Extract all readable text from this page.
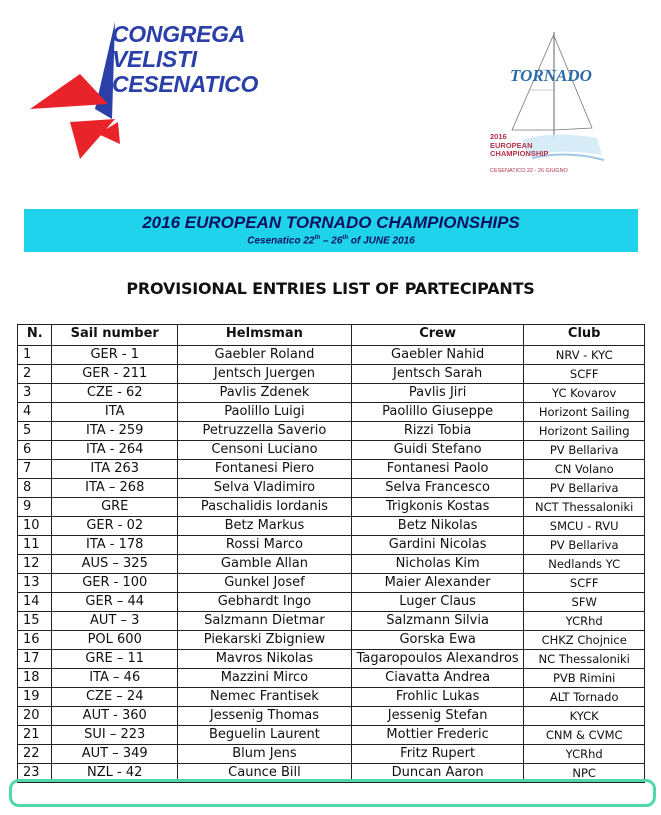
CONGREGA
VELISTI
CESENATICO	TORNADO
2016
EUROPEAN
CHAMPIONSHIP
CESENATICO 22 - 26 GIUGNO
2016 EUROPEAN TORNADO CHAMPIONSHIPS
Cesenatico 22th – 26th of JUNE 2016
PROVISIONAL ENTRIES LIST OF PARTECIPANTS
N.	Sail number	Helmsman	Crew	Club
1	GER - 1	Gaebler Roland	Gaebler Nahid	NRV - KYC
2	GER - 211	Jentsch Juergen	Jentsch Sarah	SCFF
3	CZE - 62	Pavlis Zdenek	Pavlis Jiri	YC Kovarov
4	ITA	Paolillo Luigi	Paolillo Giuseppe	Horizont Sailing
5	ITA - 259	Petruzzella Saverio	Rizzi Tobia	Horizont Sailing
6	ITA - 264	Censoni Luciano	Guidi Stefano	PV Bellariva
7	ITA 263	Fontanesi Piero	Fontanesi Paolo	CN Volano
8	ITA – 268	Selva Vladimiro	Selva Francesco	PV Bellariva
9	GRE	Paschalidis Iordanis	Trigkonis Kostas	NCT Thessaloniki
10	GER - 02	Betz Markus	Betz Nikolas	SMCU - RVU
11	ITA - 178	Rossi Marco	Gardini Nicolas	PV Bellariva
12	AUS – 325	Gamble Allan	Nicholas Kim	Nedlands YC
13	GER - 100	Gunkel Josef	Maier Alexander	SCFF
14	GER – 44	Gebhardt Ingo	Luger Claus	SFW
15	AUT – 3	Salzmann Dietmar	Salzmann Silvia	YCRhd
16	POL 600	Piekarski Zbigniew	Gorska Ewa	CHKZ Chojnice
17	GRE – 11	Mavros Nikolas	Tagaropoulos Alexandros	NC Thessaloniki
18	ITA – 46	Mazzini Mirco	Ciavatta Andrea	PVB Rimini
19	CZE – 24	Nemec Frantisek	Frohlic Lukas	ALT Tornado
20	AUT - 360	Jessenig Thomas	Jessenig Stefan	KYCK
21	SUI – 223	Beguelin Laurent	Mottier Frederic	CNM & CVMC
22	AUT – 349	Blum Jens	Fritz Rupert	YCRhd
23	NZL - 42	Caunce Bill	Duncan Aaron	NPC
